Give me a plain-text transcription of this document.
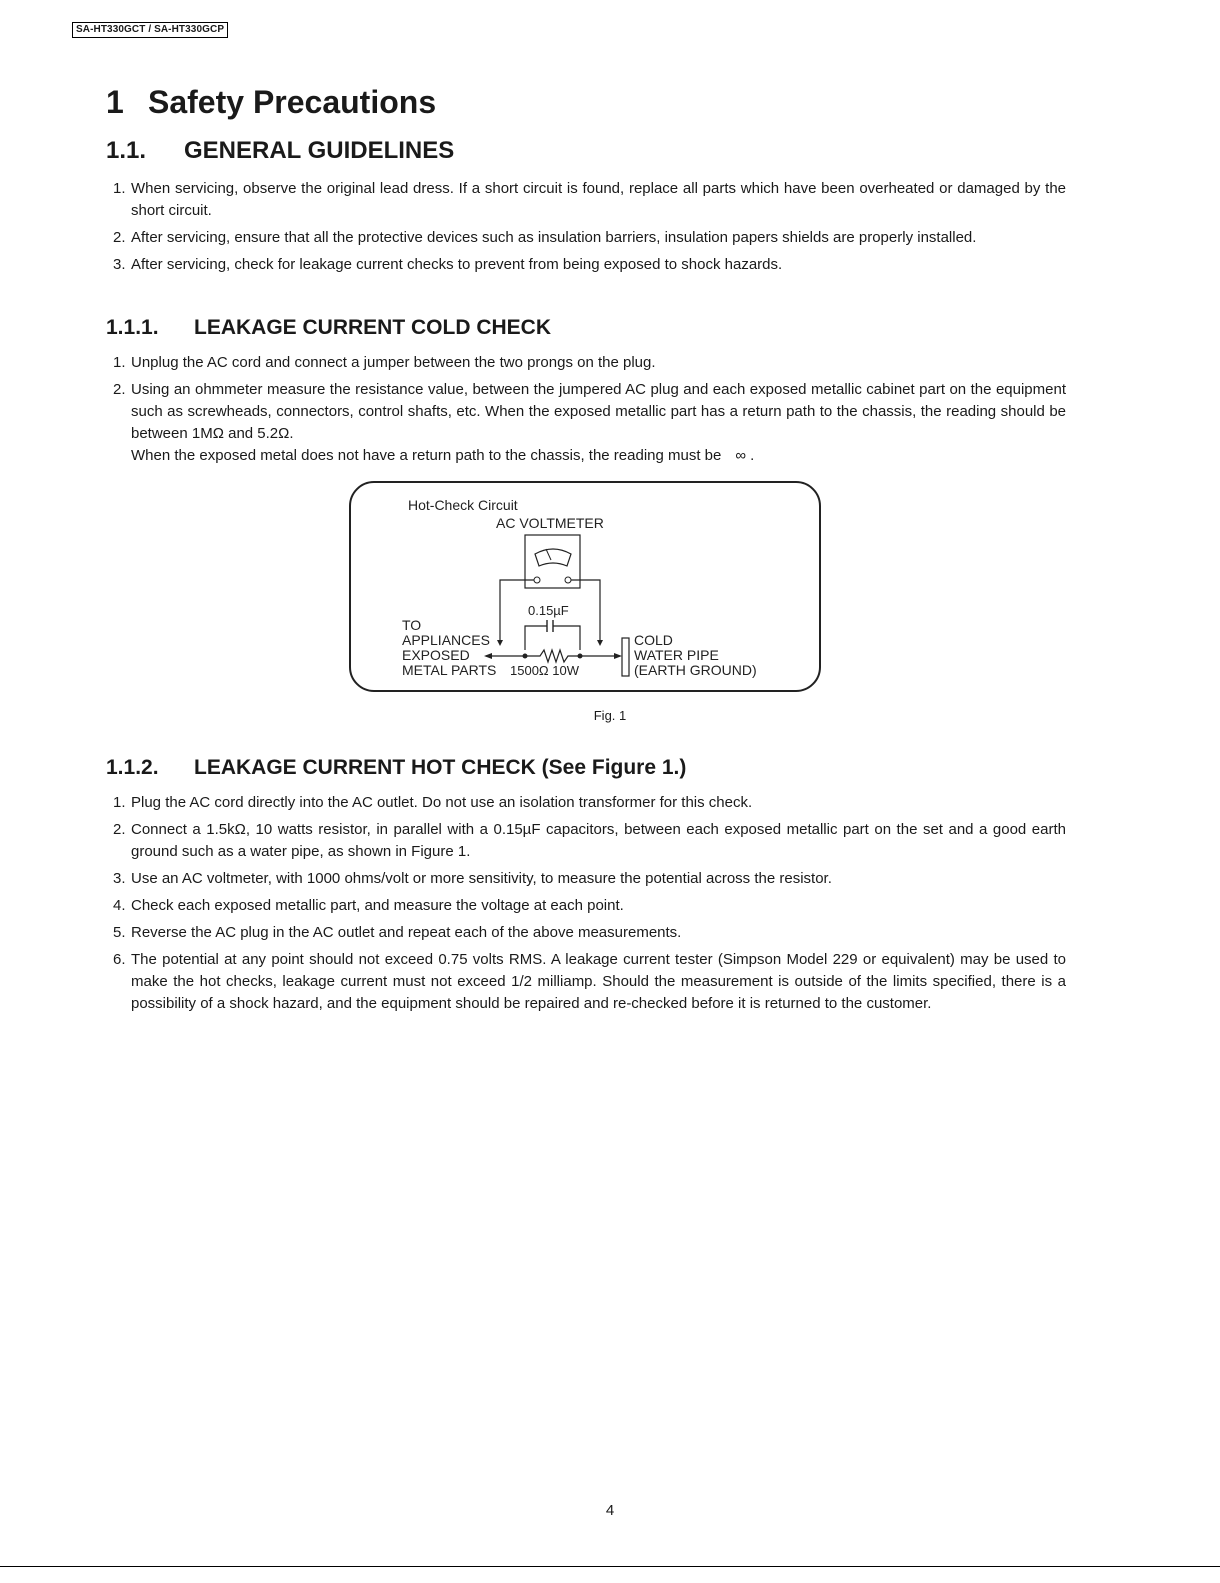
SA-HT330GCT / SA-HT330GCP
1 Safety Precautions
1.1. GENERAL GUIDELINES
1. When servicing, observe the original lead dress. If a short circuit is found, replace all parts which have been overheated or damaged by the short circuit.
2. After servicing, ensure that all the protective devices such as insulation barriers, insulation papers shields are properly installed.
3. After servicing, check for leakage current checks to prevent from being exposed to shock hazards.
1.1.1. LEAKAGE CURRENT COLD CHECK
1. Unplug the AC cord and connect a jumper between the two prongs on the plug.
2. Using an ohmmeter measure the resistance value, between the jumpered AC plug and each exposed metallic cabinet part on the equipment such as screwheads, connectors, control shafts, etc. When the exposed metallic part has a return path to the chassis, the reading should be between 1MΩ and 5.2Ω.
When the exposed metal does not have a return path to the chassis, the reading must be ∞ .
Hot-Check Circuit
AC VOLTMETER
0.15µF
TO
APPLIANCES
EXPOSED
METAL PARTS 1500Ω 10W
COLD
WATER PIPE
(EARTH GROUND)
Fig. 1
1.1.2. LEAKAGE CURRENT HOT CHECK (See Figure 1.)
1. Plug the AC cord directly into the AC outlet. Do not use an isolation transformer for this check.
2. Connect a 1.5kΩ, 10 watts resistor, in parallel with a 0.15µF capacitors, between each exposed metallic part on the set and a good earth ground such as a water pipe, as shown in Figure 1.
3. Use an AC voltmeter, with 1000 ohms/volt or more sensitivity, to measure the potential across the resistor.
4. Check each exposed metallic part, and measure the voltage at each point.
5. Reverse the AC plug in the AC outlet and repeat each of the above measurements.
6. The potential at any point should not exceed 0.75 volts RMS. A leakage current tester (Simpson Model 229 or equivalent) may be used to make the hot checks, leakage current must not exceed 1/2 milliamp. Should the measurement is outside of the limits specified, there is a possibility of a shock hazard, and the equipment should be repaired and re-checked before it is returned to the customer.
4
